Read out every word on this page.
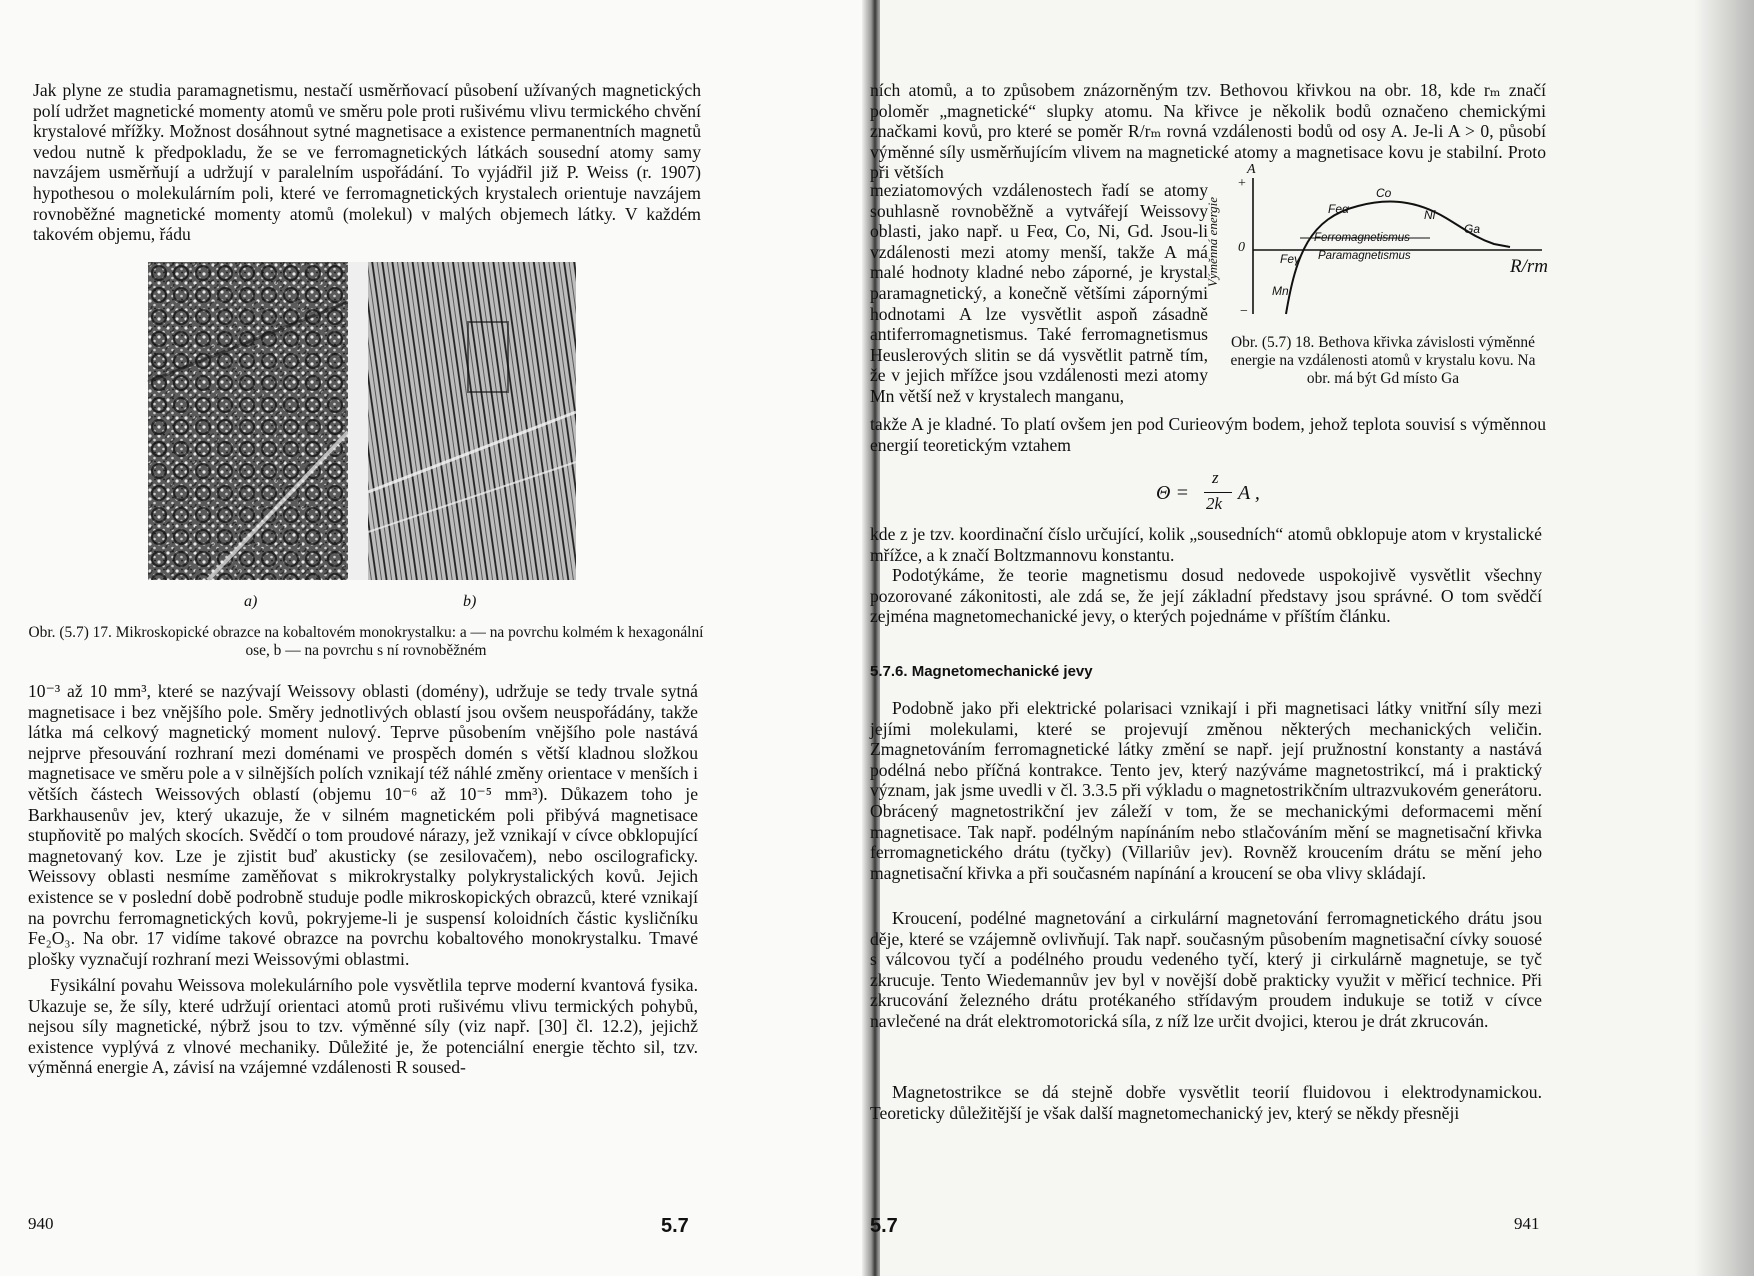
Jak plyne ze studia paramagnetismu, nestačí usměrňovací působení užívaných magnetických polí udržet magnetické momenty atomů ve směru pole proti rušivému vlivu termického chvění krystalové mřížky. Možnost dosáhnout sytné magnetisace a existence permanentních magnetů vedou nutně k předpokladu, že se ve ferromagnetických látkách sousední atomy samy navzájem usměrňují a udržují v paralelním uspořádání. To vyjádřil již P. Weiss (r. 1907) hypothesou o molekulárním poli, které ve ferromagnetických krystalech orientuje navzájem rovnoběžné magnetické momenty atomů (molekul) v malých objemech látky. V každém takovém objemu, řádu

a)	b)

Obr. (5.7) 17. Mikroskopické obrazce na kobaltovém monokrystalku: a — na povrchu kolmém k hexagonální ose, b — na povrchu s ní rovnoběžném

10⁻³ až 10 mm³, které se nazývají Weissovy oblasti (domény), udržuje se tedy trvale sytná magnetisace i bez vnějšího pole. Směry jednotlivých oblastí jsou ovšem neuspořádány, takže látka má celkový magnetický moment nulový. Teprve působením vnějšího pole nastává nejprve přesouvání rozhraní mezi doménami ve prospěch domén s větší kladnou složkou magnetisace ve směru pole a v silnějších polích vznikají též náhlé změny orientace v menších i větších částech Weissových oblastí (objemu 10⁻⁶ až 10⁻⁵ mm³). Důkazem toho je Barkhausenův jev, který ukazuje, že v silném magnetickém poli přibývá magnetisace stupňovitě po malých skocích. Svědčí o tom proudové nárazy, jež vznikají v cívce obklopující magnetovaný kov. Lze je zjistit buď akusticky (se zesilovačem), nebo oscilograficky. Weissovy oblasti nesmíme zaměňovat s mikrokrystalky polykrystalických kovů. Jejich existence se v poslední době podrobně studuje podle mikroskopických obrazců, které vznikají na povrchu ferromagnetických kovů, pokryjeme-li je suspensí koloidních částic kysličníku Fe₂O₃. Na obr. 17 vidíme takové obrazce na povrchu kobaltového monokrystalku. Tmavé plošky vyznačují rozhraní mezi Weissovými oblastmi.

Fysikální povahu Weissova molekulárního pole vysvětlila teprve moderní kvantová fysika. Ukazuje se, že síly, které udržují orientaci atomů proti rušivému vlivu termických pohybů, nejsou síly magnetické, nýbrž jsou to tzv. výměnné síly (viz např. [30] čl. 12.2), jejichž existence vyplývá z vlnové mechaniky. Důležité je, že potenciální energie těchto sil, tzv. výměnná energie A, závisí na vzájemné vzdálenosti R soused-

940	5.7

ních atomů, a to způsobem znázorněným tzv. Bethovou křivkou na obr. 18, kde rₘ značí poloměr „magnetické“ slupky atomu. Na křivce je několik bodů označeno chemickými značkami kovů, pro které se poměr R/rₘ rovná vzdálenosti bodů od osy A. Je-li A > 0, působí výměnné síly usměrňujícím vlivem na magnetické atomy a magnetisace kovu je stabilní. Proto při větších

meziatomových vzdálenostech řadí se atomy souhlasně rovnoběžně a vytvářejí Weissovy oblasti, jako např. u Feα, Co, Ni, Gd. Jsou-li vzdálenosti mezi atomy menší, takže A má malé hodnoty kladné nebo záporné, je krystal paramagnetický, a konečně většími zápornými hodnotami A lze vysvětlit aspoň zásadně antiferromagnetismus. Také ferromagnetismus Heuslerových slitin se dá vysvětlit patrně tím, že v jejich mřížce jsou vzdálenosti mezi atomy Mn větší než v krystalech manganu,

takže A je kladné. To platí ovšem jen pod Curieovým bodem, jehož teplota souvisí s výměnnou energií teoretickým vztahem

A
+
0
−
Výměnná energie	R/rm
Ferromagnetismus
Paramagnetismus
Feα
Co
Ni
Ga
Feγ
Mn

Obr. (5.7) 18. Bethova křivka závislosti výměnné energie na vzdálenosti atomů v krystalu kovu. Na obr. má být Gd místo Ga

Θ =
z
2k A ,

kde z je tzv. koordinační číslo určující, kolik „sousedních“ atomů obklopuje atom v krystalické mřížce, a k značí Boltzmannovu konstantu.

Podotýkáme, že teorie magnetismu dosud nedovede uspokojivě vysvětlit všechny pozorované zákonitosti, ale zdá se, že její základní představy jsou správné. O tom svědčí zejména magnetomechanické jevy, o kterých pojednáme v příštím článku.

5.7.6. Magnetomechanické jevy

Podobně jako při elektrické polarisaci vznikají i při magnetisaci látky vnitřní síly mezi jejími molekulami, které se projevují změnou některých mechanických veličin. Zmagnetováním ferromagnetické látky změní se např. její pružnostní konstanty a nastává podélná nebo příčná kontrakce. Tento jev, který nazýváme magnetostrikcí, má i praktický význam, jak jsme uvedli v čl. 3.3.5 při výkladu o magnetostrikčním ultrazvukovém generátoru. Obrácený magnetostrikční jev záleží v tom, že se mechanickými deformacemi mění magnetisace. Tak např. podélným napínáním nebo stlačováním mění se magnetisační křivka ferromagnetického drátu (tyčky) (Villariův jev). Rovněž kroucením drátu se mění jeho magnetisační křivka a při současném napínání a kroucení se oba vlivy skládají.

Kroucení, podélné magnetování a cirkulární magnetování ferromagnetického drátu jsou děje, které se vzájemně ovlivňují. Tak např. současným působením magnetisační cívky souosé s válcovou tyčí a podélného proudu vedeného tyčí, který ji cirkulárně magnetuje, se tyč zkrucuje. Tento Wiedemannův jev byl v novější době prakticky využit v měřicí technice. Při zkrucování železného drátu protékaného střídavým proudem indukuje se totiž v cívce navlečené na drát elektromotorická síla, z níž lze určit dvojici, kterou je drát zkrucován.

Magnetostrikce se dá stejně dobře vysvětlit teorií fluidovou i elektrodynamickou. Teoreticky důležitější je však další magnetomechanický jev, který se někdy přesněji

5.7	941
